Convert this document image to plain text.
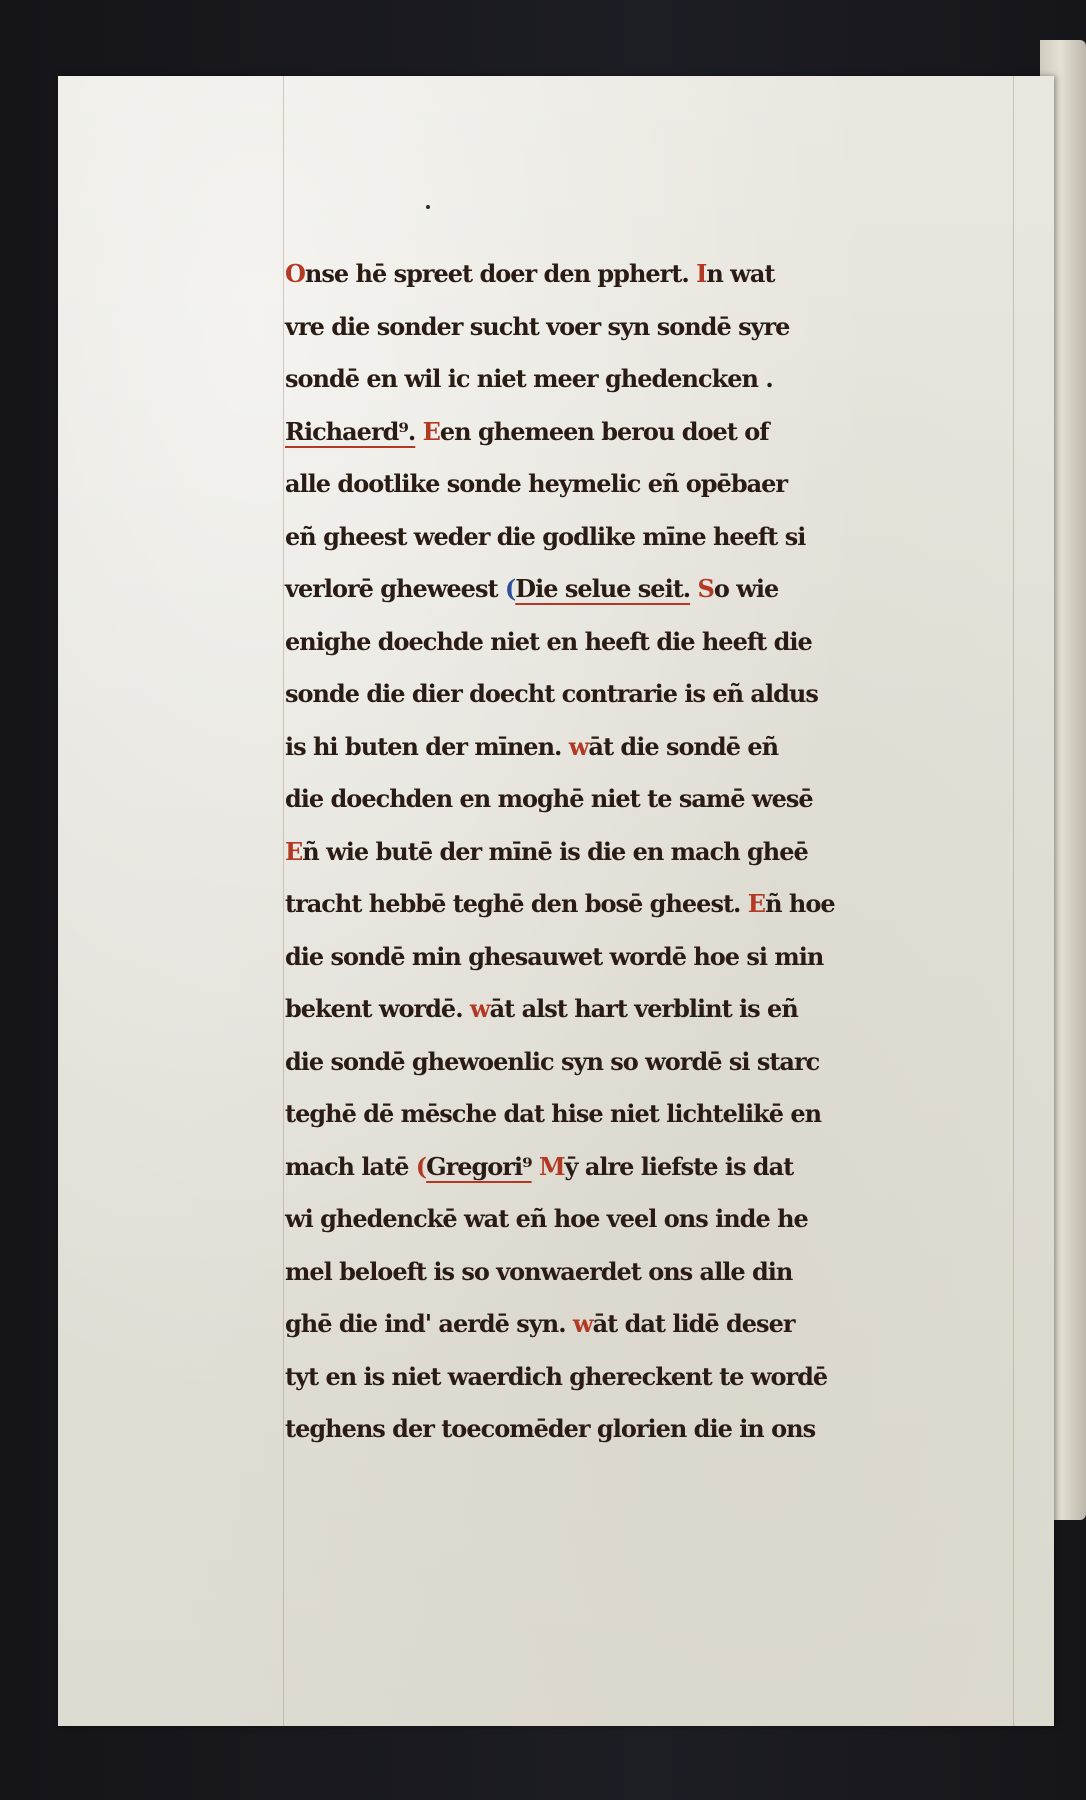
Onse hē spreet doer den pphert. In wat
vre die sonder sucht voer syn sondē syre
sondē en wil ic niet meer ghedencken .
Richaerd⁹. Een ghemeen berou doet of
alle dootlike sonde heymelic eñ opēbaer
eñ gheest weder die godlike mīne heeft si
verlorē gheweest (Die selue seit. So wie
enighe doechde niet en heeft die heeft die
sonde die dier doecht contrarie is eñ aldus
is hi buten der mīnen. wāt die sondē eñ
die doechden en moghē niet te samē wesē
Eñ wie butē der mīnē is die en mach gheē
tracht hebbē teghē den bosē gheest. Eñ hoe
die sondē min ghesauwet wordē hoe si min
bekent wordē. wāt alst hart verblint is eñ
die sondē ghewoenlic syn so wordē si starc
teghē dē mēsche dat hise niet lichtelikē en
mach latē (Gregori⁹ Mȳ alre liefste is dat
wi ghedenckē wat eñ hoe veel ons inde he
mel beloeft is so vonwaerdet ons alle din
ghē die ind' aerdē syn. wāt dat lidē deser
tyt en is niet waerdich ghereckent te wordē
teghens der toecomēder glorien die in ons
